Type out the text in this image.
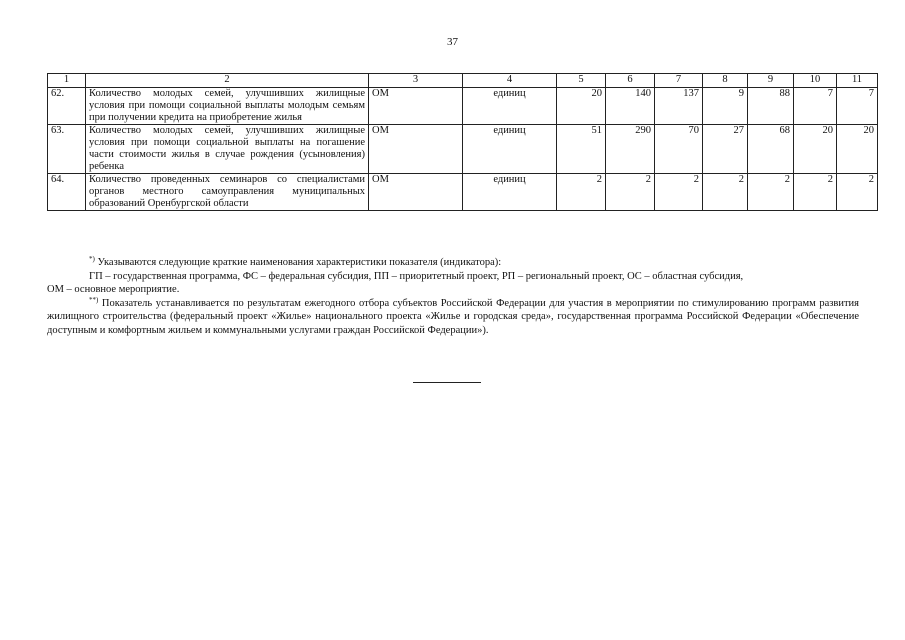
37
1	2	3	4	5	6	7	8	9	10	11
62.	Количество молодых семей, улучшивших жилищные условия при помощи социальной выплаты молодым семьям при получении кредита на приобретение жилья	ОМ	единиц	20	140	137	9	88	7	7
63.	Количество молодых семей, улучшивших жилищные условия при помощи социальной выплаты на погашение части стоимости жилья в случае рождения (усыновления) ребенка	ОМ	единиц	51	290	70	27	68	20	20
64.	Количество проведенных семинаров со специалистами органов местного самоуправления муниципальных образований Оренбургской области	ОМ	единиц	2	2	2	2	2	2	2

*) Указываются следующие краткие наименования характеристики показателя (индикатора):

ГП – государственная программа, ФС – федеральная субсидия, ПП – приоритетный проект, РП – региональный проект, ОС – областная субсидия,

ОМ – основное мероприятие.

**) Показатель устанавливается по результатам ежегодного отбора субъектов Российской Федерации для участия в мероприятии по стимулированию программ развития жилищного строительства (федеральный проект «Жилье» национального проекта «Жилье и городская среда», государственная программа Российской Федерации «Обеспечение доступным и комфортным жильем и коммунальными услугами граждан Российской Федерации»).
